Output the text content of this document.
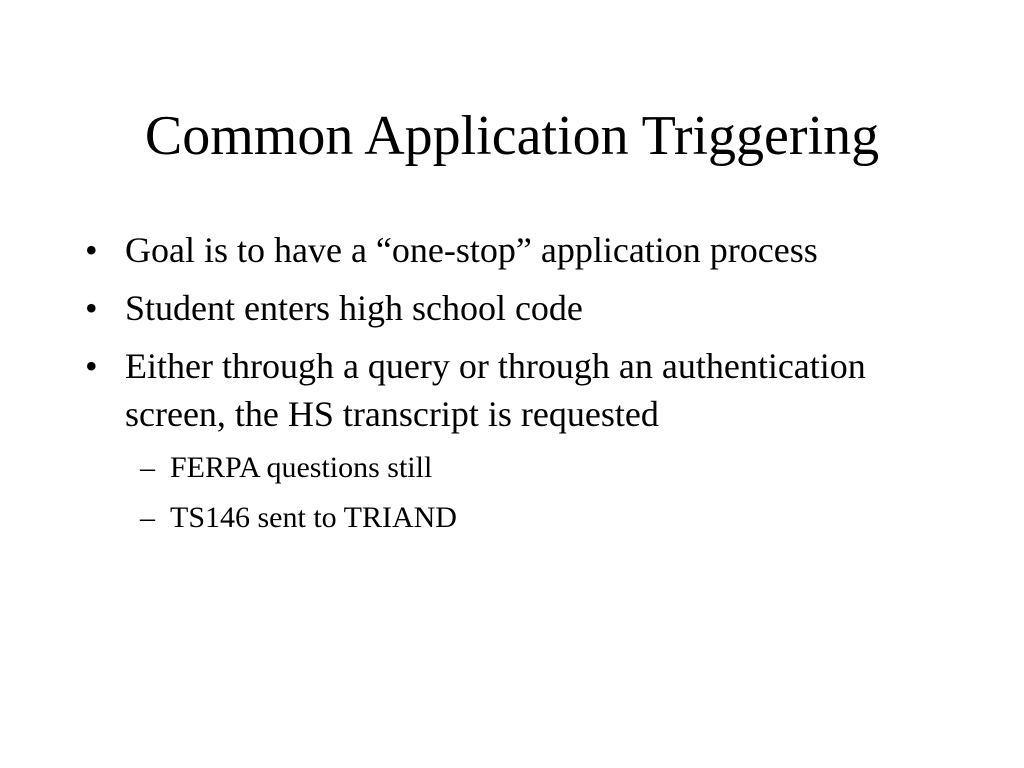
Common Application Triggering
• Goal is to have a “one-stop” application process
• Student enters high school code
• Either through a query or through an authentication screen, the HS transcript is requested
– FERPA questions still
– TS146 sent to TRIAND
